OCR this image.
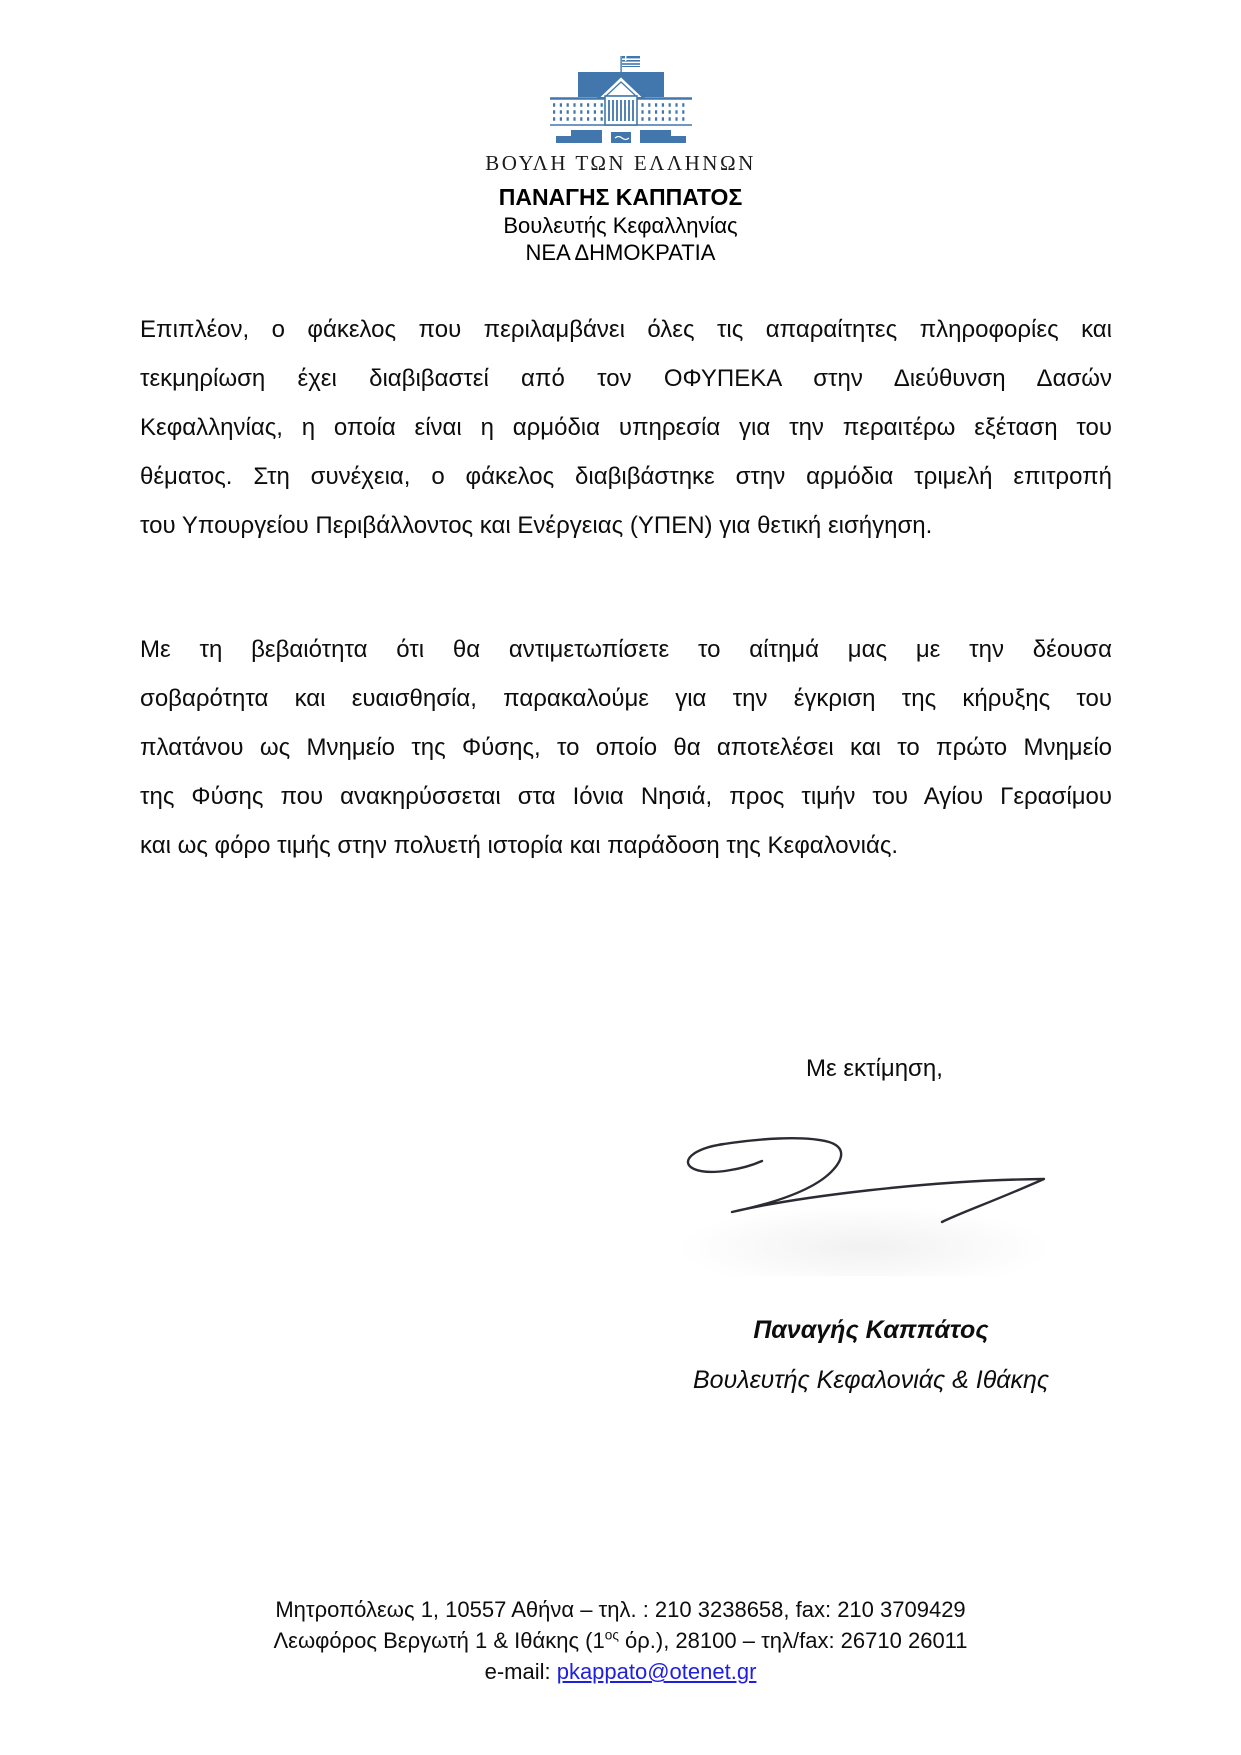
ΒΟΥΛΗ ΤΩΝ ΕΛΛΗΝΩΝ
ΠΑΝΑΓΗΣ ΚΑΠΠΑΤΟΣ
Βουλευτής Κεφαλληνίας
ΝΕΑ ΔΗΜΟΚΡΑΤΙΑ
Επιπλέον, ο φάκελος που περιλαμβάνει όλες τις απαραίτητες πληροφορίες και
τεκμηρίωση έχει διαβιβαστεί από τον ΟΦΥΠΕΚΑ στην Διεύθυνση Δασών
Κεφαλληνίας, η οποία είναι η αρμόδια υπηρεσία για την περαιτέρω εξέταση του
θέματος. Στη συνέχεια, ο φάκελος διαβιβάστηκε στην αρμόδια τριμελή επιτροπή
του Υπουργείου Περιβάλλοντος και Ενέργειας (ΥΠΕΝ) για θετική εισήγηση.
Με τη βεβαιότητα ότι θα αντιμετωπίσετε το αίτημά μας με την δέουσα
σοβαρότητα και ευαισθησία, παρακαλούμε για την έγκριση της κήρυξης του
πλατάνου ως Μνημείο της Φύσης, το οποίο θα αποτελέσει και το πρώτο Μνημείο
της Φύσης που ανακηρύσσεται στα Ιόνια Νησιά, προς τιμήν του Αγίου Γερασίμου
και ως φόρο τιμής στην πολυετή ιστορία και παράδοση της Κεφαλονιάς.
Με εκτίμηση,
Παναγής Καππάτος
Βουλευτής Κεφαλονιάς & Ιθάκης
Μητροπόλεως 1, 10557 Αθήνα – τηλ. : 210 3238658, fax: 210 3709429
Λεωφόρος Βεργωτή 1 & Ιθάκης ($1^{o\varsigma}$ όρ.), 28100 – τηλ/fax: 26710 26011
e-mail: pkappato@otenet.gr
